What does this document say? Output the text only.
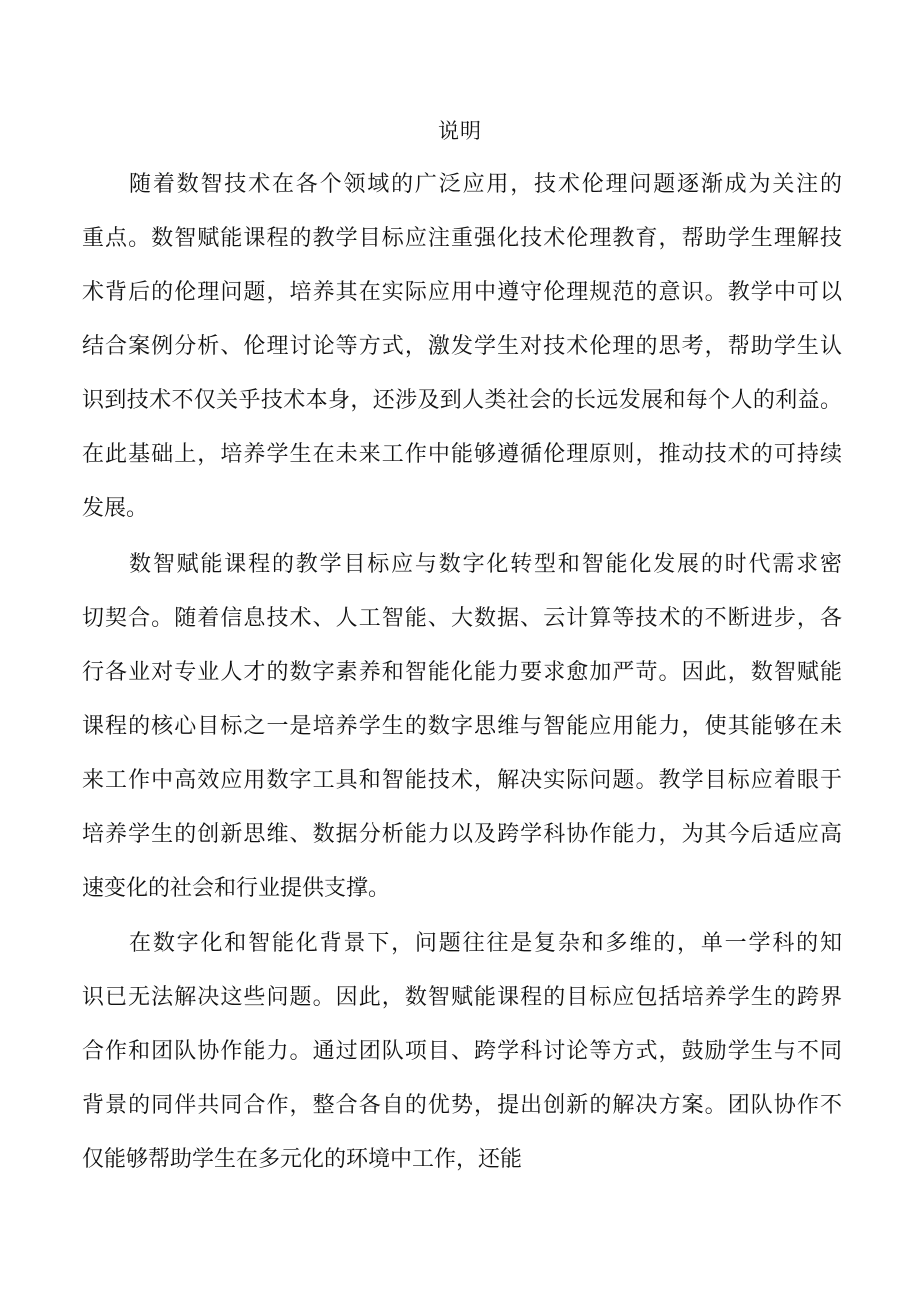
说明
随着数智技术在各个领域的广泛应用，技术伦理问题逐渐成为关注的
重点。数智赋能课程的教学目标应注重强化技术伦理教育，帮助学生理解技
术背后的伦理问题，培养其在实际应用中遵守伦理规范的意识。教学中可以
结合案例分析、伦理讨论等方式，激发学生对技术伦理的思考，帮助学生认
识到技术不仅关乎技术本身，还涉及到人类社会的长远发展和每个人的利益。
在此基础上，培养学生在未来工作中能够遵循伦理原则，推动技术的可持续
发展。
数智赋能课程的教学目标应与数字化转型和智能化发展的时代需求密
切契合。随着信息技术、人工智能、大数据、云计算等技术的不断进步，各
行各业对专业人才的数字素养和智能化能力要求愈加严苛。因此，数智赋能
课程的核心目标之一是培养学生的数字思维与智能应用能力，使其能够在未
来工作中高效应用数字工具和智能技术，解决实际问题。教学目标应着眼于
培养学生的创新思维、数据分析能力以及跨学科协作能力，为其今后适应高
速变化的社会和行业提供支撑。
在数字化和智能化背景下，问题往往是复杂和多维的，单一学科的知
识已无法解决这些问题。因此，数智赋能课程的目标应包括培养学生的跨界
合作和团队协作能力。通过团队项目、跨学科讨论等方式，鼓励学生与不同
背景的同伴共同合作，整合各自的优势，提出创新的解决方案。团队协作不
仅能够帮助学生在多元化的环境中工作，还能
